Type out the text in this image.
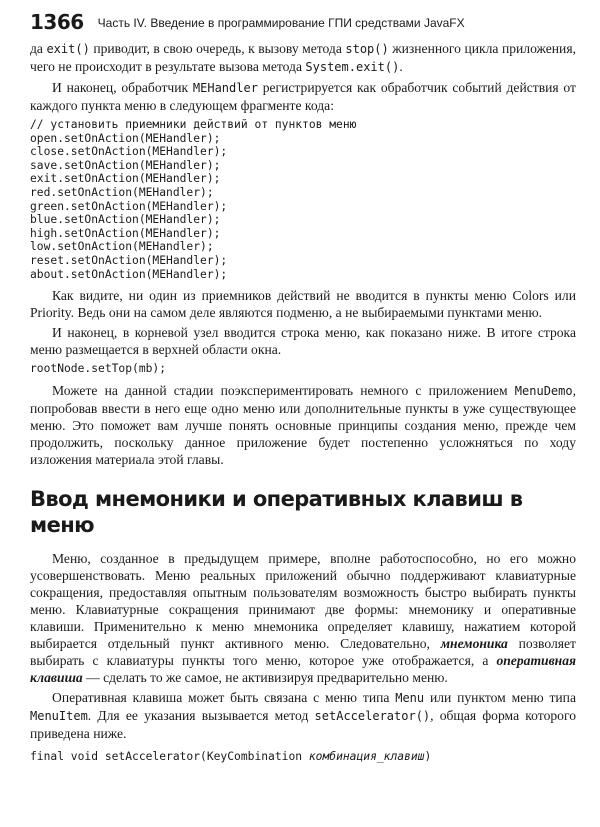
1366 Часть IV. Введение в программирование ГПИ средствами JavaFX

да exit() приводит, в свою очередь, к вызову метода stop() жизненного цикла приложения, чего не происходит в результате вызова метода System.exit().

И наконец, обработчик MEHandler регистрируется как обработчик событий действия от каждого пункта меню в следующем фрагменте кода:

// установить приемники действий от пунктов меню
open.setOnAction(MEHandler);
close.setOnAction(MEHandler);
save.setOnAction(MEHandler);
exit.setOnAction(MEHandler);
red.setOnAction(MEHandler);
green.setOnAction(MEHandler);
blue.setOnAction(MEHandler);
high.setOnAction(MEHandler);
low.setOnAction(MEHandler);
reset.setOnAction(MEHandler);
about.setOnAction(MEHandler);

Как видите, ни один из приемников действий не вводится в пункты меню Colors или Priority. Ведь они на самом деле являются подменю, а не выбираемыми пунктами меню.

И наконец, в корневой узел вводится строка меню, как показано ниже. В итоге строка меню размещается в верхней области окна.

rootNode.setTop(mb);

Можете на данной стадии поэкспериментировать немного с приложением MenuDemo, попробовав ввести в него еще одно меню или дополнительные пункты в уже существующее меню. Это поможет вам лучше понять основные принципы создания меню, прежде чем продолжить, поскольку данное приложение будет постепенно усложняться по ходу изложения материала этой главы.

Ввод мнемоники и оперативных клавиш в меню

Меню, созданное в предыдущем примере, вполне работоспособно, но его можно усовершенствовать. Меню реальных приложений обычно поддерживают клавиатурные сокращения, предоставляя опытным пользователям возможность быстро выбирать пункты меню. Клавиатурные сокращения принимают две формы: мнемонику и оперативные клавиши. Применительно к меню мнемоника определяет клавишу, нажатием которой выбирается отдельный пункт активного меню. Следовательно, мнемоника позволяет выбирать с клавиатуры пункты того меню, которое уже отображается, а оперативная клавиша — сделать то же самое, не активизируя предварительно меню.

Оперативная клавиша может быть связана с меню типа Menu или пунктом меню типа MenuItem. Для ее указания вызывается метод setAccelerator(), общая форма которого приведена ниже.

final void setAccelerator(KeyCombination комбинация_клавиш)
